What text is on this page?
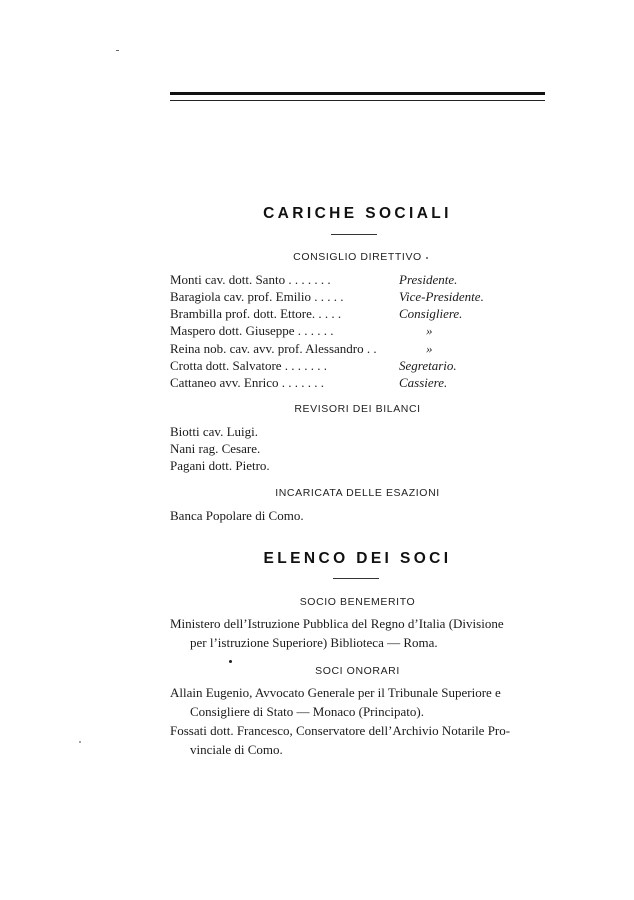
CARICHE SOCIALI
CONSIGLIO DIRETTIVO
Monti cav. dott. Santo . . . . . . .	Presidente.
Baragiola cav. prof. Emilio . . . . .	Vice-Presidente.
Brambilla prof. dott. Ettore. . . . .	Consigliere.
Maspero dott. Giuseppe . . . . . .	»
Reina nob. cav. avv. prof. Alessandro . .	»
Crotta dott. Salvatore . . . . . . .	Segretario.
Cattaneo avv. Enrico . . . . . . .	Cassiere.
REVISORI DEI BILANCI
Biotti cav. Luigi.
Nani rag. Cesare.
Pagani dott. Pietro.
INCARICATA DELLE ESAZIONI
Banca Popolare di Como.
ELENCO DEI SOCI
SOCIO BENEMERITO
Ministero dell’Istruzione Pubblica del Regno d’Italia (Divisione
per l’istruzione Superiore) Biblioteca — Roma.
SOCI ONORARI
Allain Eugenio, Avvocato Generale per il Tribunale Superiore e
Consigliere di Stato — Monaco (Principato).
Fossati dott. Francesco, Conservatore dell’Archivio Notarile Pro-
vinciale di Como.
